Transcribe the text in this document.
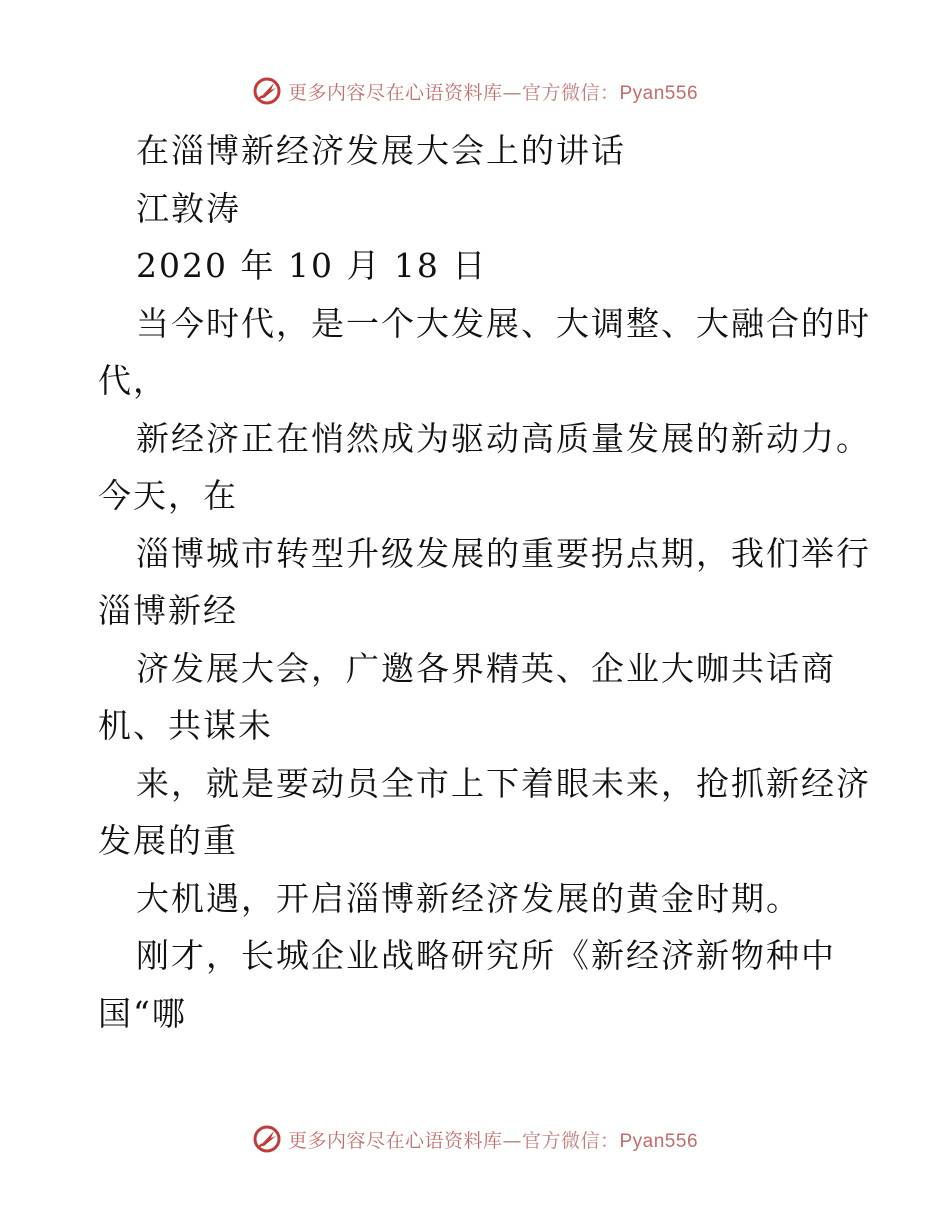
更多内容尽在心语资料库—官方微信：Pyan556
在淄博新经济发展大会上的讲话
江敦涛
2020 年 10 月 18 日
当今时代，是一个大发展、大调整、大融合的时
代，
新经济正在悄然成为驱动高质量发展的新动力。
今天，在
淄博城市转型升级发展的重要拐点期，我们举行
淄博新经
济发展大会，广邀各界精英、企业大咖共话商
机、共谋未
来，就是要动员全市上下着眼未来，抢抓新经济
发展的重
大机遇，开启淄博新经济发展的黄金时期。
刚才，长城企业战略研究所《新经济新物种中
国“哪
更多内容尽在心语资料库—官方微信：Pyan556
